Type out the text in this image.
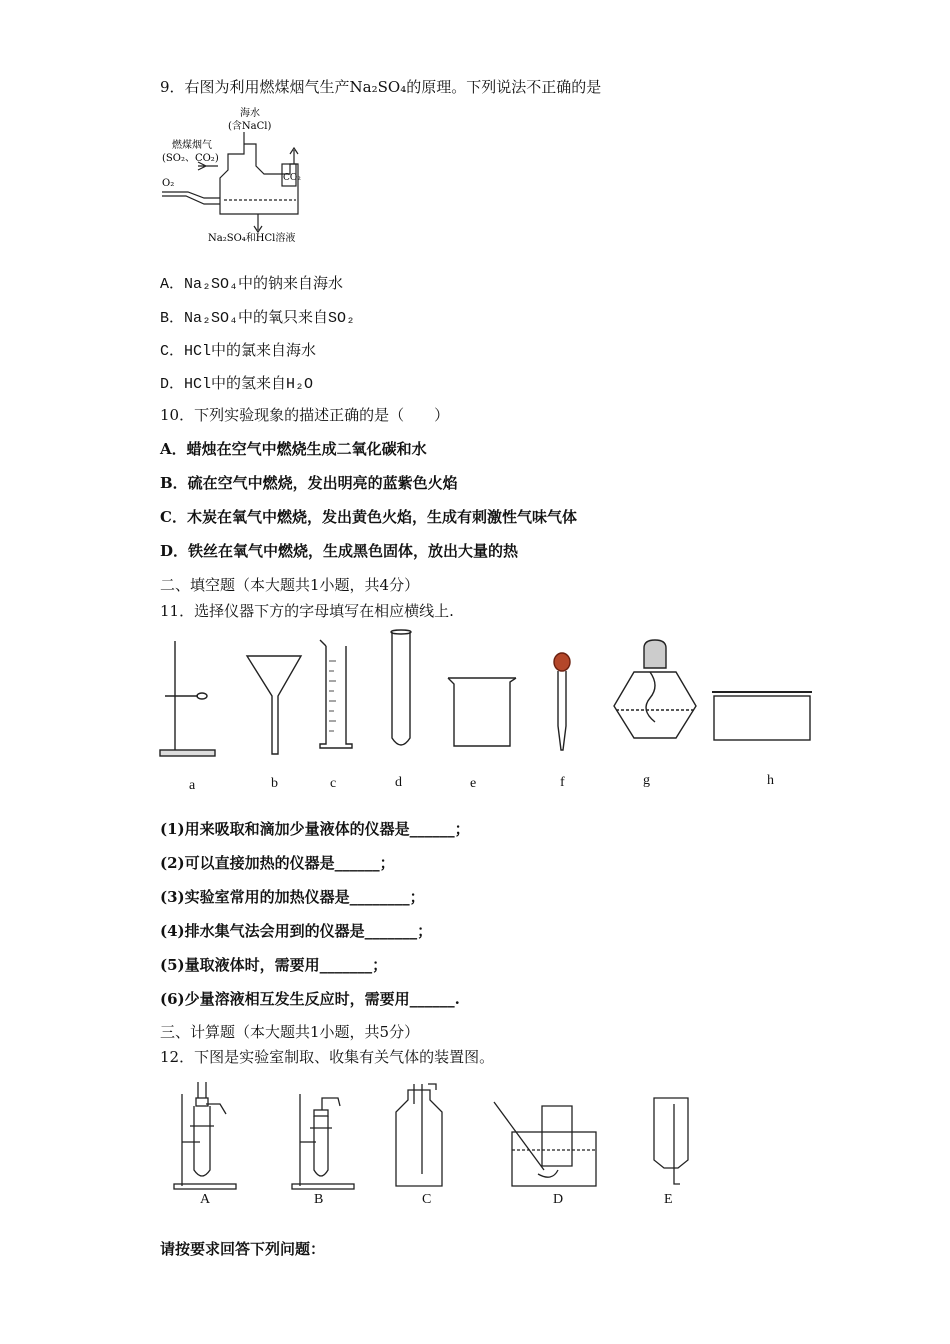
9．右图为利用燃煤烟气生产Na₂SO₄的原理。下列说法不正确的是
海水
(含NaCl)
燃煤烟气
(SO₂、CO₂)
O₂	CO₂
Na₂SO₄和HCl溶液
A．Na₂SO₄中的钠来自海水
B．Na₂SO₄中的氧只来自SO₂
C．HCl中的氯来自海水
D．HCl中的氢来自H₂O
10．下列实验现象的描述正确的是（　　）
A．蜡烛在空气中燃烧生成二氧化碳和水
B．硫在空气中燃烧，发出明亮的蓝紫色火焰
C．木炭在氧气中燃烧，发出黄色火焰，生成有刺激性气味气体
D．铁丝在氧气中燃烧，生成黑色固体，放出大量的热
二、填空题（本大题共1小题，共4分）
11．选择仪器下方的字母填写在相应横线上.
a	b	c	d	e	f	g	h
(1)用来吸取和滴加少量液体的仪器是______；
(2)可以直接加热的仪器是______；
(3)实验室常用的加热仪器是________；
(4)排水集气法会用到的仪器是_______；
(5)量取液体时，需要用_______；
(6)少量溶液相互发生反应时，需要用______.
三、计算题（本大题共1小题，共5分）
12．下图是实验室制取、收集有关气体的装置图。
A	B	C	D	E
请按要求回答下列问题：
